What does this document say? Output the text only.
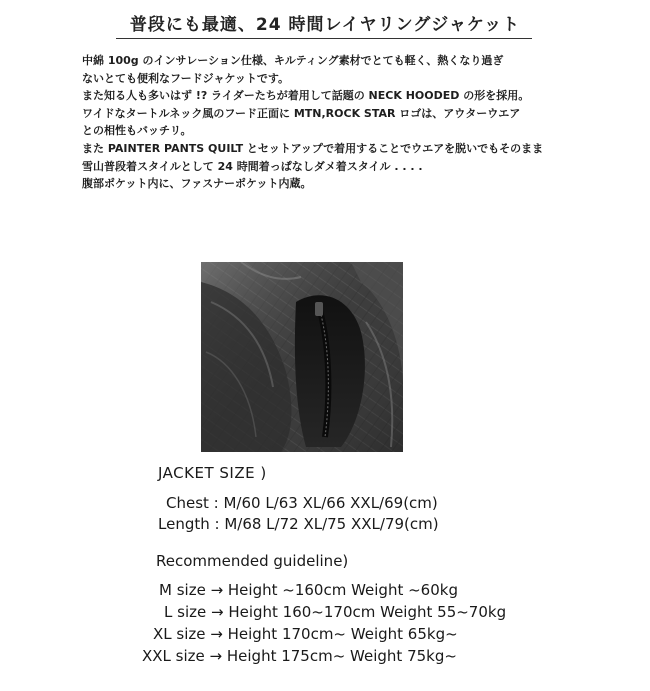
普段にも最適、24 時間レイヤリングジャケット
中綿 100g のインサレーション仕様、キルティング素材でとても軽く、熱くなり過ぎ
ないとても便利なフードジャケットです。
また知る人も多いはず !? ライダーたちが着用して話題の NECK HOODED の形を採用。
ワイドなタートルネック風のフード正面に MTN,ROCK STAR ロゴは、アウターウエア
との相性もバッチリ。
また PAINTER PANTS QUILT とセットアップで着用することでウエアを脱いでもそのまま
雪山普段着スタイルとして 24 時間着っぱなしダメ着スタイル . . . .
腹部ポケット内に、ファスナーポケット内蔵。
JACKET SIZE )
Chest : M/60 L/63 XL/66 XXL/69(cm)
Length : M/68 L/72 XL/75 XXL/79(cm)
Recommended guideline)
M size → Height ~160cm Weight ~60kg
L size → Height 160~170cm Weight 55~70kg
XL size → Height 170cm~ Weight 65kg~
XXL size → Height 175cm~ Weight 75kg~
